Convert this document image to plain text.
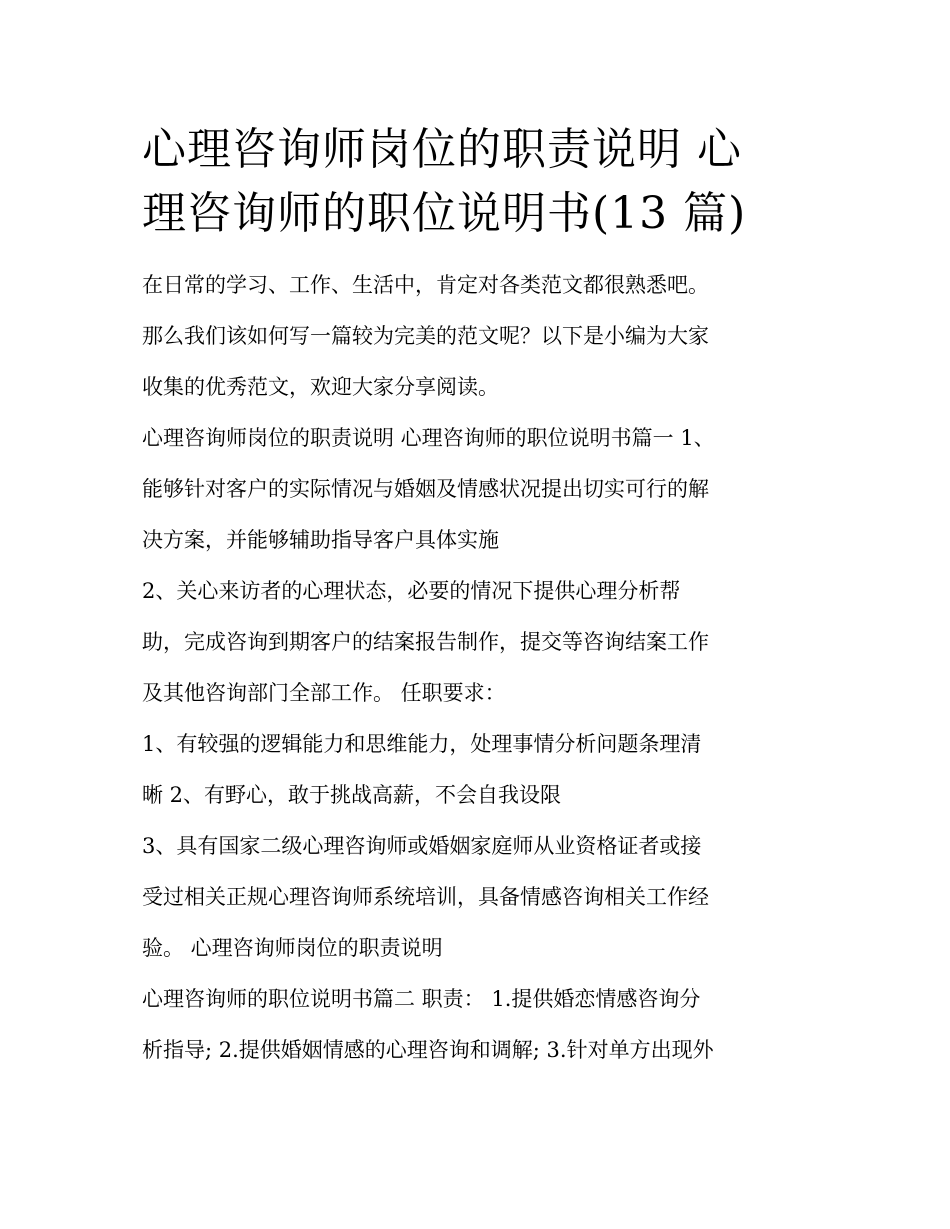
心理咨询师岗位的职责说明 心
理咨询师的职位说明书(13 篇)
在日常的学习、工作、生活中，肯定对各类范文都很熟悉吧。
那么我们该如何写一篇较为完美的范文呢？以下是小编为大家
收集的优秀范文，欢迎大家分享阅读。
心理咨询师岗位的职责说明 心理咨询师的职位说明书篇一 1、
能够针对客户的实际情况与婚姻及情感状况提出切实可行的解
决方案，并能够辅助指导客户具体实施
2、关心来访者的心理状态，必要的情况下提供心理分析帮
助，完成咨询到期客户的结案报告制作，提交等咨询结案工作
及其他咨询部门全部工作。 任职要求：
1、有较强的逻辑能力和思维能力，处理事情分析问题条理清
晰 2、有野心，敢于挑战高薪，不会自我设限
3、具有国家二级心理咨询师或婚姻家庭师从业资格证者或接
受过相关正规心理咨询师系统培训，具备情感咨询相关工作经
验。 心理咨询师岗位的职责说明
心理咨询师的职位说明书篇二 职责： 1.提供婚恋情感咨询分
析指导; 2.提供婚姻情感的心理咨询和调解; 3.针对单方出现外
